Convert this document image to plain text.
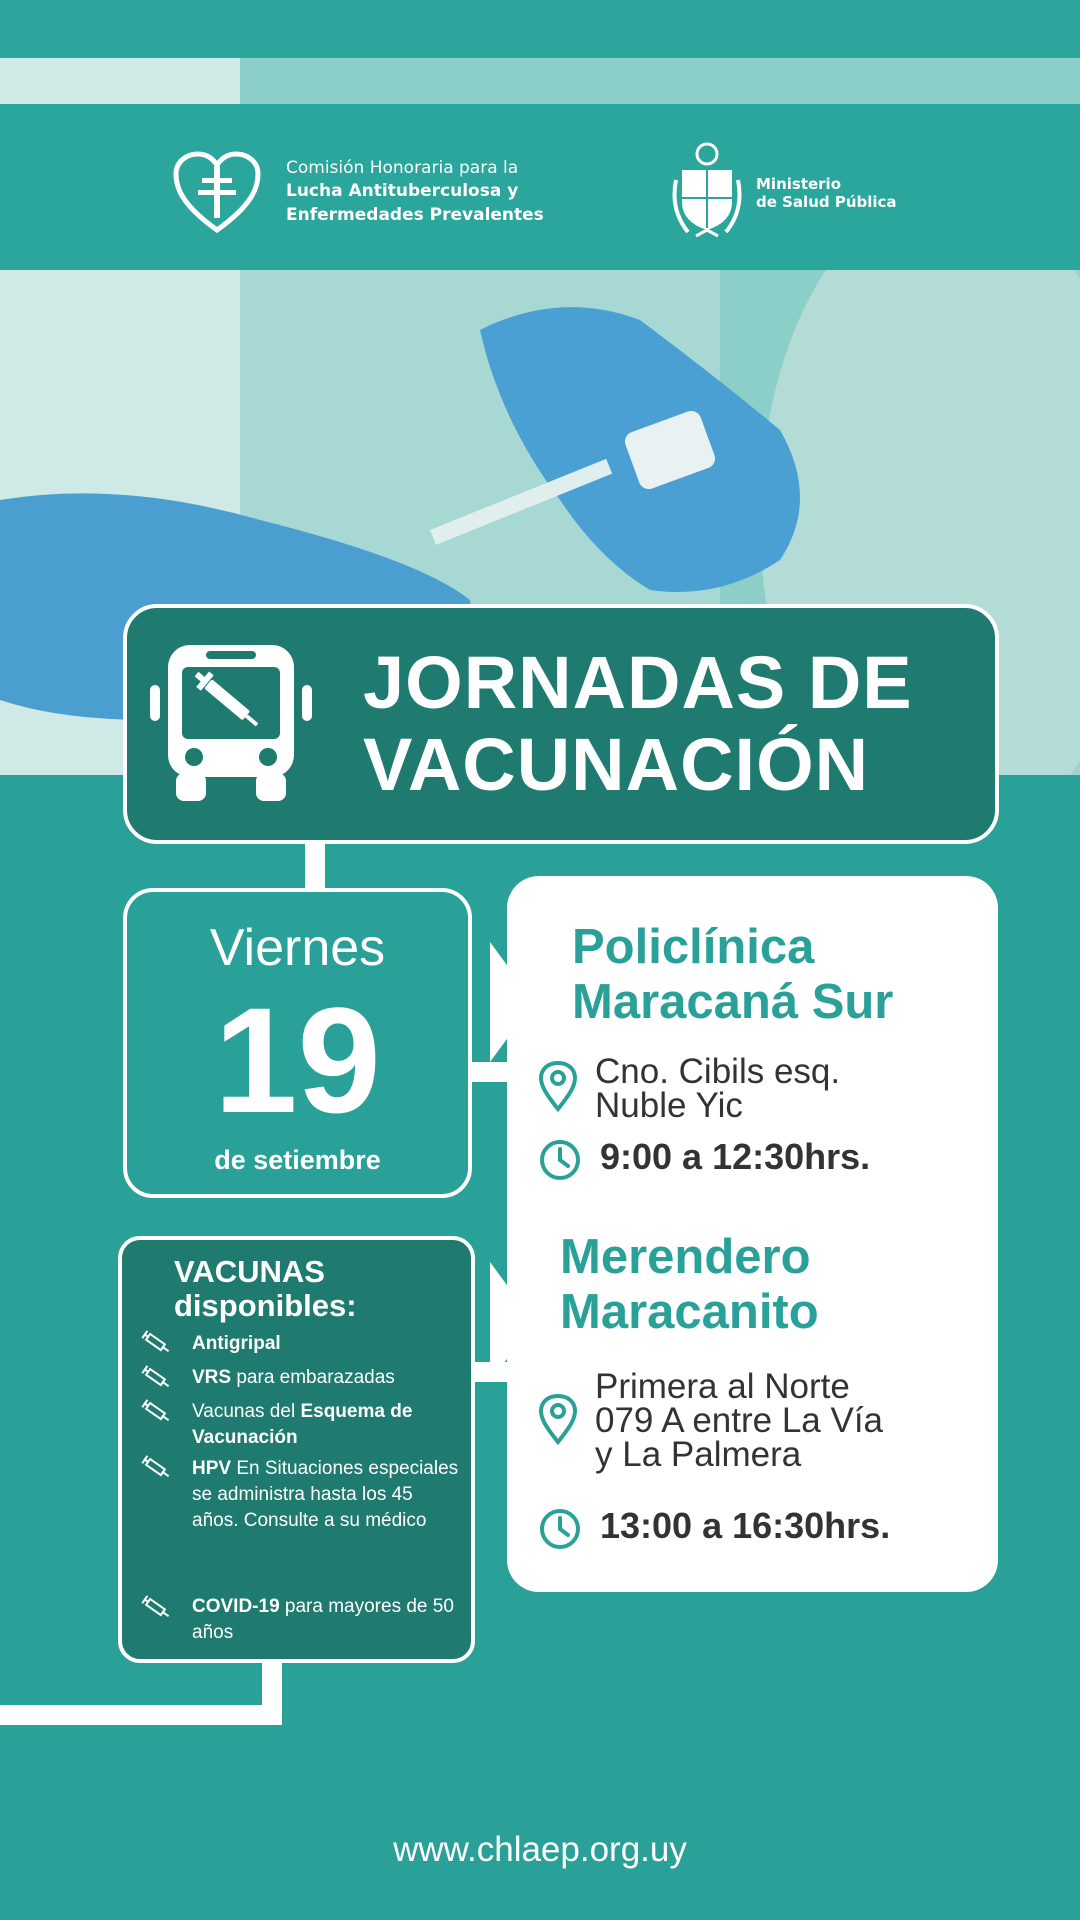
Comisión Honoraria para la
Lucha Antituberculosa y
Enfermedades Prevalentes
Ministerio
de Salud Pública
JORNADAS DE
VACUNACIÓN
Viernes
19
de setiembre
VACUNAS
disponibles:
Antigripal
VRS para embarazadas
Vacunas del Esquema de Vacunación
HPV En Situaciones especiales se administra hasta los 45 años. Consulte a su médico
COVID-19 para mayores de 50 años
Policlínica
Maracaná Sur
Cno. Cibils esq.
Nuble Yic
9:00 a 12:30hrs.
Merendero
Maracanito
Primera al Norte
079 A entre La Vía
y La Palmera
13:00 a 16:30hrs.
www.chlaep.org.uy
